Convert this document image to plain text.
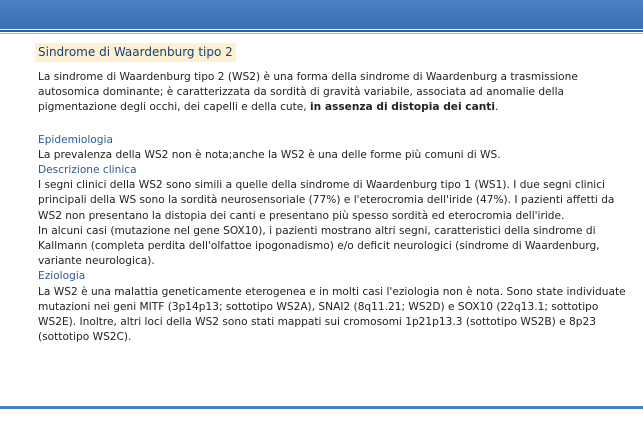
Sindrome di Waardenburg tipo 2

La sindrome di Waardenburg tipo 2 (WS2) è una forma della sindrome di Waardenburg a trasmissione autosomica dominante; è caratterizzata da sordità di gravità variabile, associata ad anomalie della pigmentazione degli occhi, dei capelli e della cute, in assenza di distopia dei canti.

Epidemiologia

La prevalenza della WS2 non è nota;anche la WS2 è una delle forme più comuni di WS.

Descrizione clinica

I segni clinici della WS2 sono simili a quelle della sindrome di Waardenburg tipo 1 (WS1). I due segni clinici principali della WS sono la sordità neurosensoriale (77%) e l'eterocromia dell'iride (47%). I pazienti affetti da WS2 non presentano la distopia dei canti e presentano più spesso sordità ed eterocromia dell'iride.

In alcuni casi (mutazione nel gene SOX10), i pazienti mostrano altri segni, caratteristici della sindrome di Kallmann (completa perdita dell'olfattoe ipogonadismo) e/o deficit neurologici (sindrome di Waardenburg, variante neurologica).

Eziologia

La WS2 è una malattia geneticamente eterogenea e in molti casi l'eziologia non è nota. Sono state individuate mutazioni nei geni MITF (3p14p13; sottotipo WS2A), SNAI2 (8q11.21; WS2D) e SOX10 (22q13.1; sottotipo WS2E). Inoltre, altri loci della WS2 sono stati mappati sui cromosomi 1p21p13.3 (sottotipo WS2B) e 8p23 (sottotipo WS2C).
